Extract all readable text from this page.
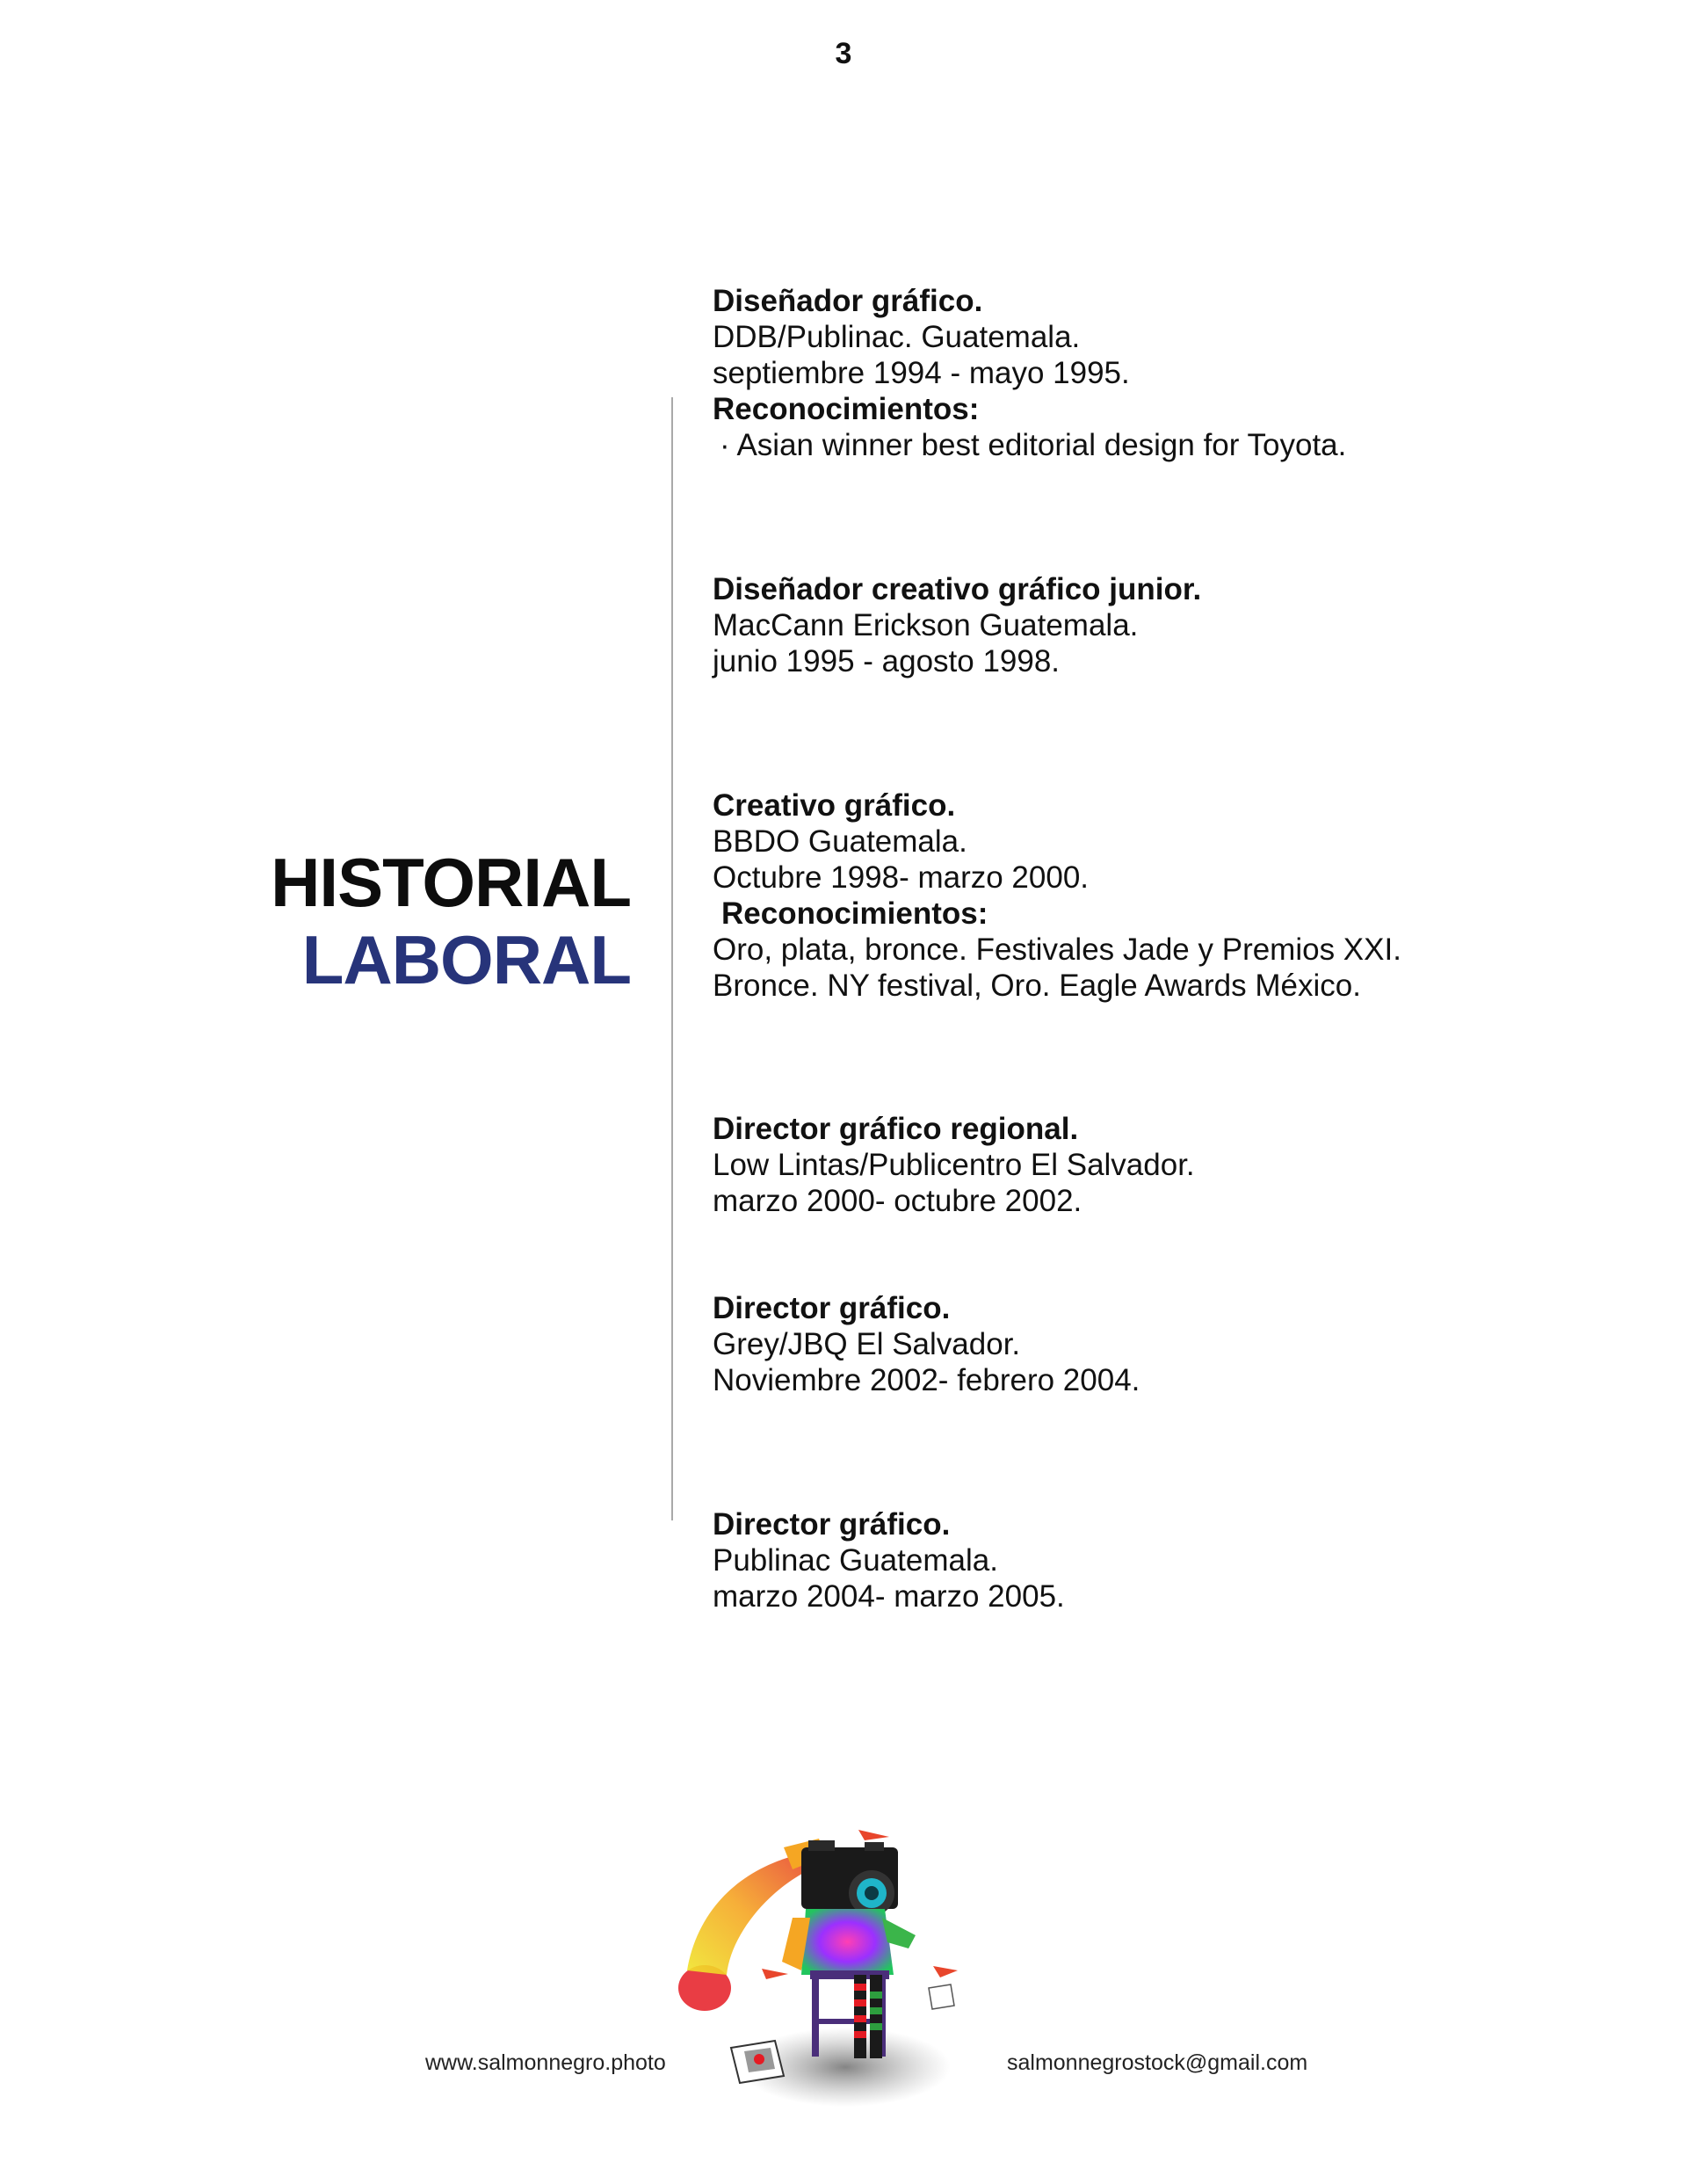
3
HISTORIAL
LABORAL
Diseñador gráfico.
DDB/Publinac. Guatemala.
septiembre 1994 - mayo 1995.
Reconocimientos:
· Asian winner best editorial design for Toyota.
Diseñador creativo gráfico junior.
MacCann Erickson Guatemala.
junio 1995 - agosto 1998.
Creativo gráfico.
BBDO Guatemala.
Octubre 1998- marzo 2000.
Reconocimientos:
Oro, plata, bronce. Festivales Jade y Premios XXI.
Bronce. NY festival, Oro. Eagle Awards México.
Director gráfico regional.
Low Lintas/Publicentro El Salvador.
marzo 2000- octubre 2002.
Director gráfico.
Grey/JBQ El Salvador.
Noviembre 2002- febrero 2004.
Director gráfico.
Publinac Guatemala.
marzo 2004- marzo 2005.
www.salmonnegro.photo	salmonnegrostock@gmail.com
